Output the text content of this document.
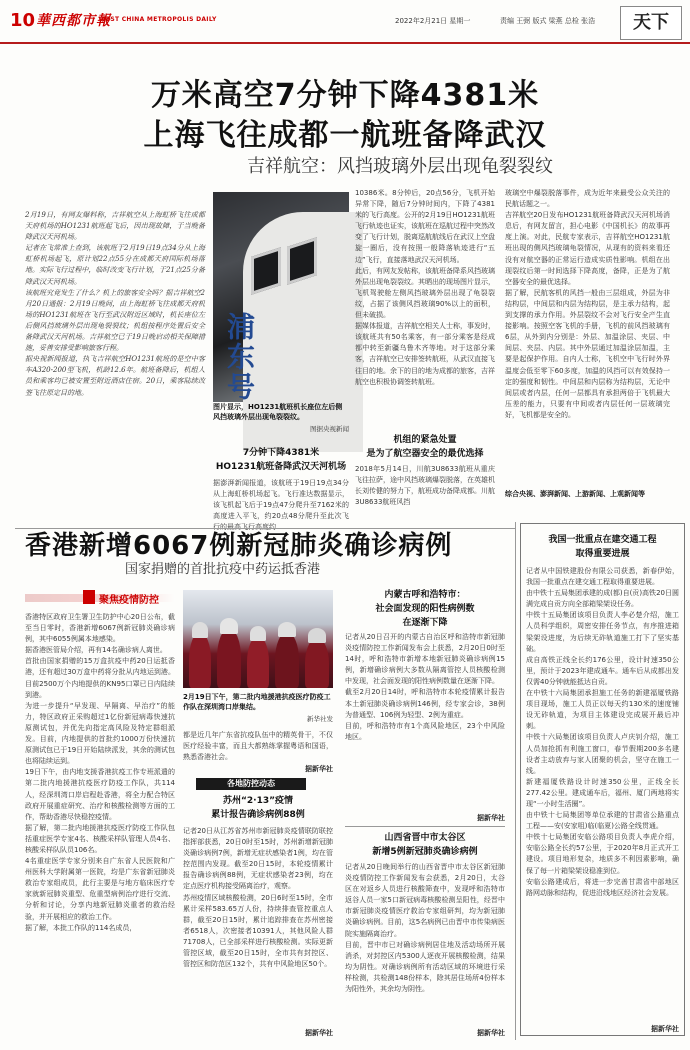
10 華西都市報
WEST CHINA METROPOLIS DAILY	2022年2月21日 星期一	责编 王弼 版式 梁燕 总检 张浩	天下
万米高空7分钟下降4381米
上海飞往成都一航班备降武汉
吉祥航空：风挡玻璃外层出现龟裂裂纹
2月19日，有网友爆料称，吉祥航空从上海虹桥飞往成都天府机场的HO1231航班起飞后，因出现故障，于当晚备降武汉天河机场。
记者在飞常准上查到，该航班于2月19日19点34分从上海虹桥机场起飞，原计划22点55分在成都天府国际机场落地。实际飞行过程中，临时改变飞行计划，于21点25分备降武汉天河机场。
该航班究竟发生了什么？机上的旅客安全吗？据吉祥航空2月20日通报：2月19日晚间，由上海虹桥飞往成都天府机场的HO1231航班在飞行至武汉附近区域时，机长座位左后侧风挡玻璃外层出现龟裂裂纹；机组按程序处置后安全备降武汉天河机场。吉祥航空已于19日晚启动相关保障措施，妥善安排受影响旅客行程。
据央视新闻报道，执飞吉祥航空HO1231航班的是空中客车A320-200型飞机，机龄12.6年。航班备降后，机组人员和乘客均已被安置至附近酒店住宿。20日，乘客陆续改签飞往原定目的地。	浦东号
图片显示，HO1231航班机长座位左后侧风挡玻璃外层出现龟裂裂纹。
图据央视新闻
7分钟下降4381米
HO1231航班备降武汉天河机场
据澎湃新闻报道，该航班于19日19点34分从上海虹桥机场起飞。飞行准达数据显示，该飞机起飞后于19点47分爬升至7162米的高度进入平飞，约20点48分爬升至此次飞
10386米。8分钟后，20点56分，飞机开始异常下降，随后7分钟时间内，下降了4381米的飞行高度。公开的2月19日HO1231航班飞行轨迹也证实，该航班在巡航过程中突然改变了飞行计划，脱离巡航航线后在武汉上空盘旋一圈后，没有按照一般降落轨迹进行“五边”飞行，直接落地武汉天河机场。
此后，有网友发帖称，该航班备降系风挡玻璃外层出现龟裂裂纹。其晒出的现场图片显示，飞机驾驶舱左侧风挡玻璃外层出现了龟裂裂纹，占据了该侧风挡玻璃90%以上的面积，但未破损。
据媒体报道，吉祥航空相关人士称，事发时，该航班共有50名乘客，有一部分乘客是经成都中转至新疆乌鲁木齐等地。对于这部分乘客，吉祥航空已安排签转航班，从武汉直接飞往目的地。余下的目的地为成都的旅客，吉祥航空也积极协调签转航班。
机组的紧急处置
是为了航空器安全的最优选择
2018年5月14日，川航3U8633航班从重庆飞往拉萨，途中风挡玻璃爆裂脱落，在英雄机长刘传健的努力下，航班成功备降成都。川航3U8633航班风挡
玻璃空中爆裂脱落事件，成为近年来最受公众关注的民航话题之一。
吉祥航空20日发布HO1231航班备降武汉天河机场消息后，有网友留言，担心电影《中国机长》的故事再度上演。对此，民航专家表示，吉祥航空HO1231航班出现的侧风挡玻璃龟裂情况，从现有的资料来看还没有对航空器的正常运行造成实质性影响。机组在出现裂纹后第一时间选择下降高度，备降，正是为了航空器安全的最优选择。
据了解，民航客机的风挡一般由三层组成，外层为非结构层，中间层和内层为结构层，是主承力结构，起到支撑的承力作用。外层裂纹不会对飞行安全产生直接影响。按照空客飞机的手册，飞机的前风挡玻璃有6层，从外到内分别是：外层、加温涂层、夹层、中间层、夹层、内层。其中外层通过加温涂层加温，主要是起保护作用。自内人士称，飞机空中飞行时外界温度会低至零下60多度，加温的风挡可以有效保持一定的强度和韧性。中间层和内层称为结构层，无论中间层或者内层，任何一层都具有承担两倍于飞机最大压差的能力，只要有中间或者内层任何一层玻璃完好，飞机都是安全的。
综合央视、澎湃新闻、上游新闻、上观新闻等
香港新增6067例新冠肺炎确诊病例
国家捐赠的首批抗疫中药运抵香港
聚焦疫情防控
香港特区政府卫生署卫生防护中心20日公布，截至当日零时，香港新增6067例新冠肺炎确诊病例，其中6055例属本地感染。
据香港医管局介绍，再有14名确诊病人离世。
首批由国家捐赠的15万盒抗疫中药20日运抵香港，还有超过30万盒中药将分批从内地运到港。目前2500万个内地提供的KN95口罩已日内陆续到港。
为进一步提升“早发现、早隔离、早治疗”的能力，特区政府正采购超过1亿份新冠病毒快速抗原测试包，并优先向指定高风险及特定群组派发。目前，内地提供的首批约1000万份快速抗原测试包已于19日开始陆续派发，其余的测试包也将陆续运到。
19日下午，由内地支援香港抗疫工作专班派遣的第二批内地援港抗疫医疗防疫工作队，共114人，经深圳湾口岸启程赴香港，将全力配合特区政府开展重症研究、治疗和核酸检测等方面的工作，帮助香港尽快稳控疫情。
据了解，第二批内地援港抗疫医疗防疫工作队包括重症医学专家4名、核酸采样队管理人员4名、核酸采样队队员106名。
4名重症医学专家分别来自广东省人民医院和广州医科大学附属第一医院，均是广东省新冠肺炎救治专家组成员，此行主要是与地方临床医疗专家就新冠肺炎重型、危重型病例治疗进行交流、分析和讨论，分享内地新冠肺炎重者的救治经验，并开展相应的救治工作。
据了解，本批工作队的114名成员，
2月19日下午，第二批内地援港抗疫医疗防疫工作队在深圳湾口岸集结。
新华社发
都是近几年广东省抗疫队伍中的精英骨干，不仅医疗经验丰富，而且大都熟练掌握粤语和国语，熟悉香港社会。
据新华社
各地防控动态
苏州“2·13”疫情
累计报告确诊病例88例
记者20日从江苏省苏州市新冠肺炎疫情联防联控指挥部获悉，20日0时至15时，苏州新增新冠肺炎确诊病例7例，新增无症状感染者1例，均在管控范围内发现。截至20日15时，本轮疫情累计报告确诊病例88例，无症状感染者23例，均在定点医疗机构接受隔离治疗，观察。
苏州疫情区域核酸检测，20日6时至15时，全市累计采样583.65万人份，持续排查管控重点人群，截至20日15时，累计追踪排查在苏州密接者6518人，次密接者10391人，其他风险人群71708人，已全部采样进行核酸检测。实际更新管控区域，截至20日15时，全市共有封控区、管控区和防范区132个，共有中风险地区50个。
据新华社
内蒙古呼和浩特市：
社会面发现的阳性病例数
在逐渐下降
记者从20日召开的内蒙古自治区呼和浩特市新冠肺炎疫情防控工作新闻发布会上获悉，2月20日0时至14时，呼和浩特市新增本地新冠肺炎确诊病例15例，新增确诊病例大多数从隔离管控人员核酸检测中发现，社会面发现的阳性病例数量在逐渐下降。
截至2月20日14时，呼和浩特市本轮疫情累计报告本土新冠肺炎确诊病例146例，经专家会诊，38例为普通型、106例为轻型、2例为重症。
目前，呼和浩特市有1个高风险地区，23个中风险地区。
据新华社
山西省晋中市太谷区
新增5例新冠肺炎确诊病例
记者从20日晚间举行的山西省晋中市太谷区新冠肺炎疫情防控工作新闻发布会获悉，2月20日，太谷区在对返乡人员进行核酸筛查中，发现呼和浩特市返谷人员一家5口新冠病毒核酸检测呈阳性，经晋中市新冠肺炎疫情医疗救治专家组研判，均为新冠肺炎确诊病例。目前，这5名病例已由晋中市传染病医院实施隔离治疗。
目前，晋中市已对确诊病例居住地及活动场所开展消杀，对封控区内5300人逐夜开展核酸检测，结果均为阴性。对确诊病例所有活动区域的环境进行采样检测，共检测148份样本，除其居住场所4份样本为阳性外，其余均为阴性。
据新华社
我国一批重点在建交通工程
取得重要进展
记者从中国铁建股份有限公司获悉，新春伊始，我国一批重点在建交通工程取得重要进展。
由中铁十五局集团承建的成(都)自(贡)高铁20日圆满完成自贡方向全部箱梁架设任务。
中铁十五局集团该项目负责人李必楚介绍，施工人员科学组织，周密安排任务节点，有序推进箱梁架设进度，为后续无砟轨道施工打下了坚实基础。
成自高铁正线全长约176公里，设计时速350公里，预计于2023年建成通车。通车后从成都出发仅需40分钟就能抵达自贡。
在中铁十六局集团承担施工任务的新建福厦铁路项目现场，施工人员正以每天约130米的速度铺设无砟轨道，为项目主体建设完成展开最后冲刺。
中铁十六局集团该项目负责人卢庆钊介绍，施工人员加抢抓有利施工窗口，春节假期200多名建设者主动放弃与家人团聚的机会，坚守在施工一线。
新建福厦铁路设计时速350公里，正线全长277.42公里。建成通车后，福州、厦门两地将实现“一小时生活圈”。
由中铁十七局集团等单位承建的甘肃省公路重点工程——安(安家咀)临(临夏)公路全线贯通。
中铁十七局集团安临公路项目负责人李虎介绍，安临公路全长约57公里，于2020年8月正式开工建设。项目地形复杂，地质多不利因素影响，确保了每一片箱梁架设稳准到位。
安临公路建成后，将进一步完善甘肃省中部地区路网动脉和结构，促进沿线地区经济社会发展。
据新华社
